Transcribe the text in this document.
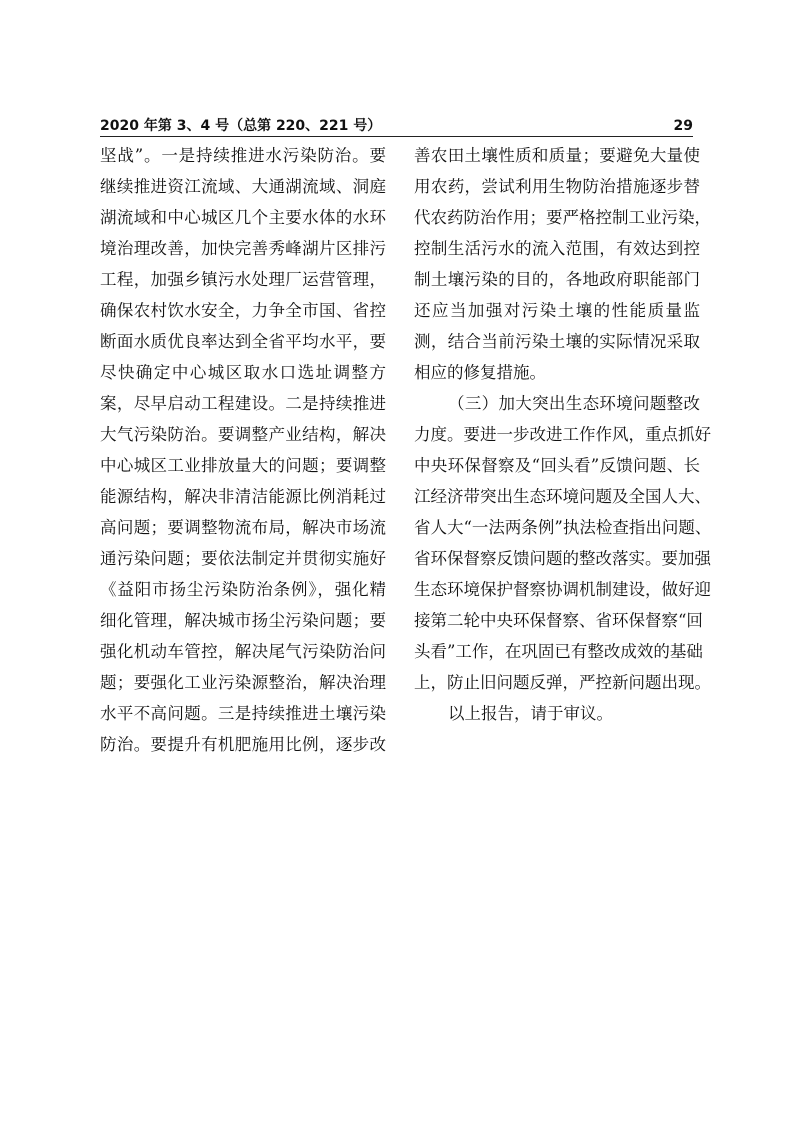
2020 年第 3、4 号（总第 220、221 号）	29
坚战”。一是持续推进水污染防治。要
继续推进资江流域、大通湖流域、洞庭
湖流域和中心城区几个主要水体的水环
境治理改善，加快完善秀峰湖片区排污
工程，加强乡镇污水处理厂运营管理，
确保农村饮水安全，力争全市国、省控
断面水质优良率达到全省平均水平，要
尽快确定中心城区取水口选址调整方
案，尽早启动工程建设。二是持续推进
大气污染防治。要调整产业结构，解决
中心城区工业排放量大的问题；要调整
能源结构，解决非清洁能源比例消耗过
高问题；要调整物流布局，解决市场流
通污染问题；要依法制定并贯彻实施好
《益阳市扬尘污染防治条例》，强化精
细化管理，解决城市扬尘污染问题；要
强化机动车管控，解决尾气污染防治问
题；要强化工业污染源整治，解决治理
水平不高问题。三是持续推进土壤污染
防治。要提升有机肥施用比例，逐步改
善农田土壤性质和质量；要避免大量使
用农药，尝试利用生物防治措施逐步替
代农药防治作用；要严格控制工业污染，
控制生活污水的流入范围，有效达到控
制土壤污染的目的，各地政府职能部门
还应当加强对污染土壤的性能质量监
测，结合当前污染土壤的实际情况采取
相应的修复措施。
（三）加大突出生态环境问题整改
力度。要进一步改进工作作风，重点抓好
中央环保督察及“回头看”反馈问题、长
江经济带突出生态环境问题及全国人大、
省人大“一法两条例”执法检查指出问题、
省环保督察反馈问题的整改落实。要加强
生态环境保护督察协调机制建设，做好迎
接第二轮中央环保督察、省环保督察“回
头看”工作，在巩固已有整改成效的基础
上，防止旧问题反弹，严控新问题出现。
以上报告，请于审议。
